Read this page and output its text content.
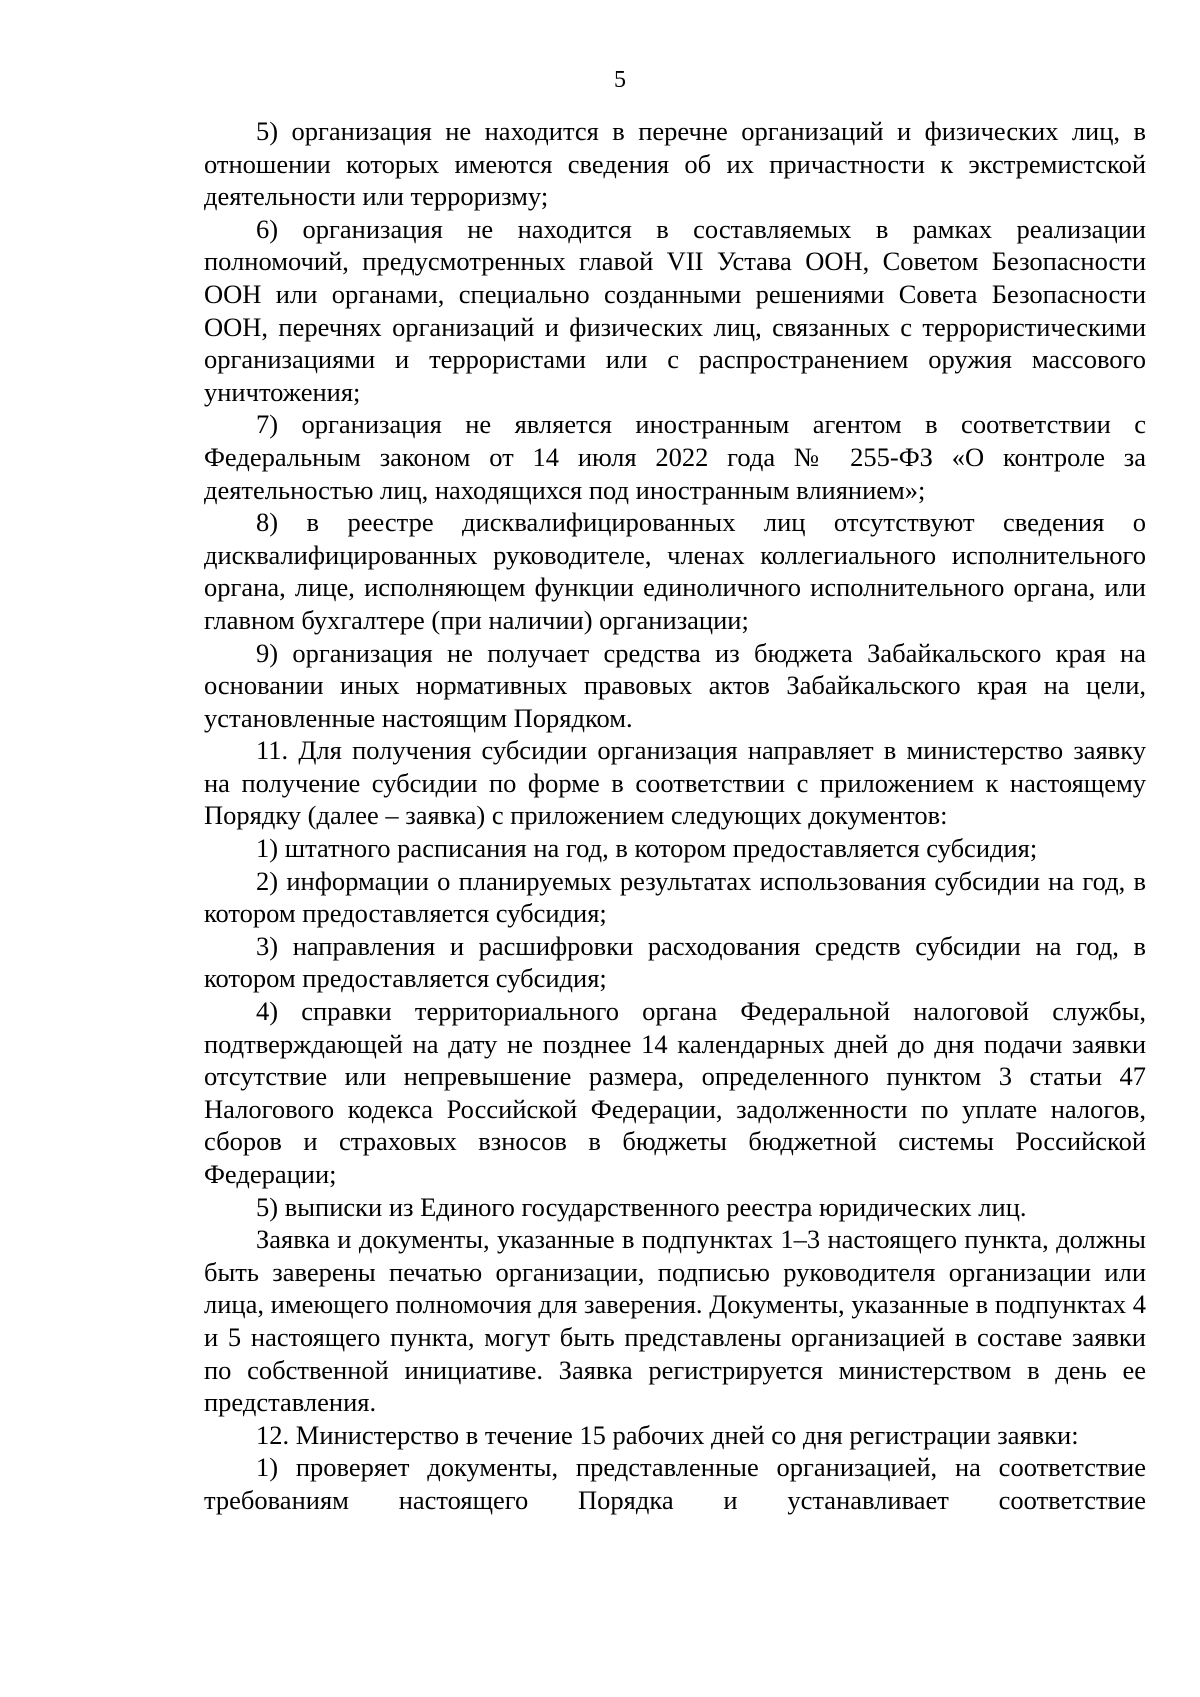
5

5) организация не находится в перечне организаций и физических лиц, в отношении которых имеются сведения об их причастности к экстремистской деятельности или терроризму;

6) организация не находится в составляемых в рамках реализации полномочий, предусмотренных главой VII Устава ООН, Советом Безопасности ООН или органами, специально созданными решениями Совета Безопасности ООН, перечнях организаций и физических лиц, связанных с террористическими организациями и террористами или с распространением оружия массового уничтожения;

7) организация не является иностранным агентом в соответствии с Федеральным законом от 14 июля 2022 года № 255-ФЗ «О контроле за деятельностью лиц, находящихся под иностранным влиянием»;

8) в реестре дисквалифицированных лиц отсутствуют сведения о дисквалифицированных руководителе, членах коллегиального исполнительного органа, лице, исполняющем функции единоличного исполнительного органа, или главном бухгалтере (при наличии) организации;

9) организация не получает средства из бюджета Забайкальского края на основании иных нормативных правовых актов Забайкальского края на цели, установленные настоящим Порядком.

11. Для получения субсидии организация направляет в министерство заявку на получение субсидии по форме в соответствии с приложением к настоящему Порядку (далее – заявка) с приложением следующих документов:

1) штатного расписания на год, в котором предоставляется субсидия;

2) информации о планируемых результатах использования субсидии на год, в котором предоставляется субсидия;

3) направления и расшифровки расходования средств субсидии на год, в котором предоставляется субсидия;

4) справки территориального органа Федеральной налоговой службы, подтверждающей на дату не позднее 14 календарных дней до дня подачи заявки отсутствие или непревышение размера, определенного пунктом 3 статьи 47 Налогового кодекса Российской Федерации, задолженности по уплате налогов, сборов и страховых взносов в бюджеты бюджетной системы Российской Федерации;

5) выписки из Единого государственного реестра юридических лиц.

Заявка и документы, указанные в подпунктах 1–3 настоящего пункта, должны быть заверены печатью организации, подписью руководителя организации или лица, имеющего полномочия для заверения. Документы, указанные в подпунктах 4 и 5 настоящего пункта, могут быть представлены организацией в составе заявки по собственной инициативе. Заявка регистрируется министерством в день ее представления.

12. Министерство в течение 15 рабочих дней со дня регистрации заявки:

1) проверяет документы, представленные организацией, на соответствие требованиям настоящего Порядка и устанавливает соответствие
